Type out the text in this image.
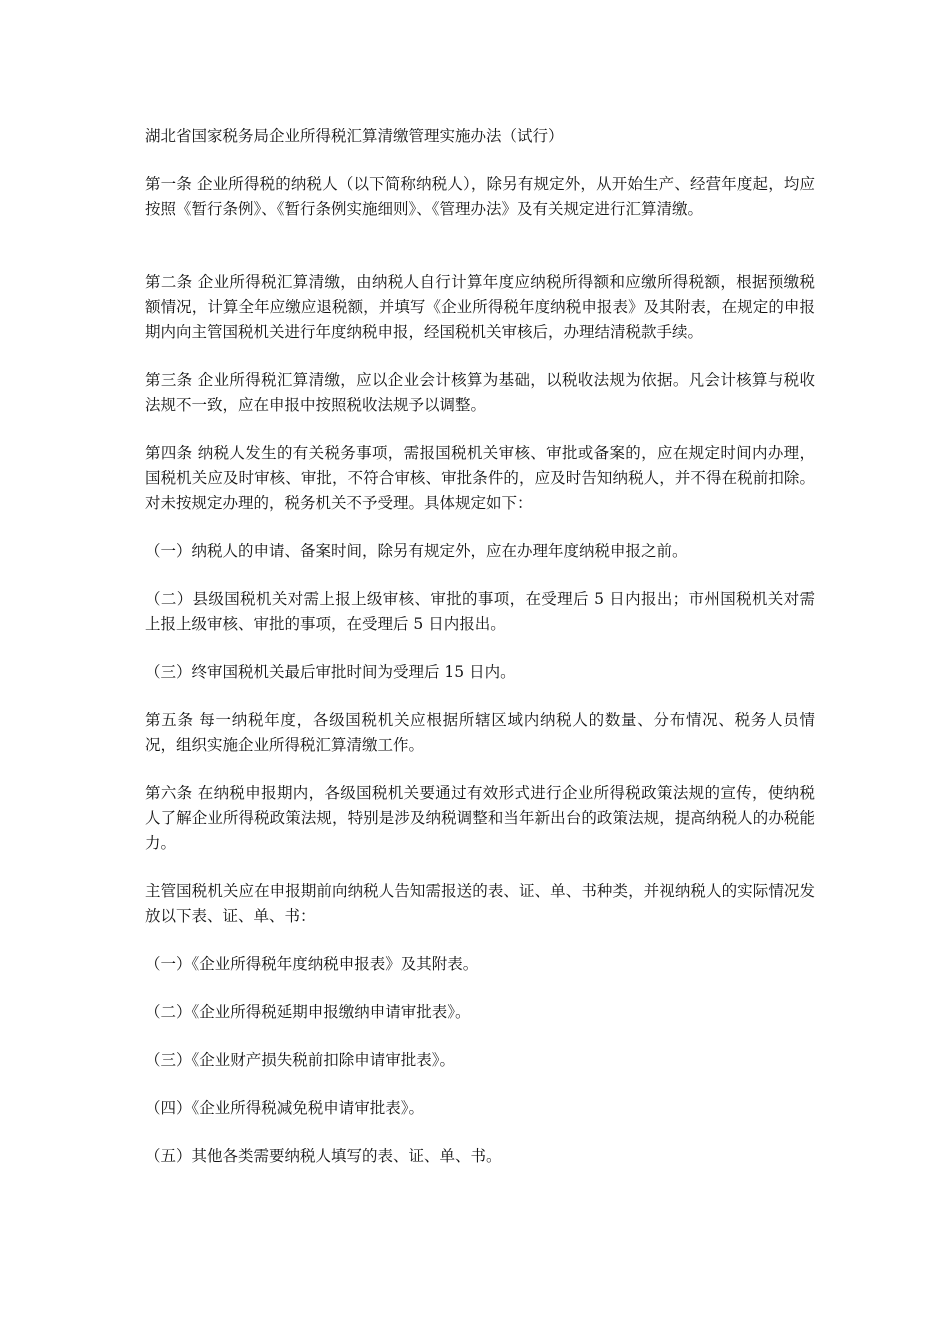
湖北省国家税务局企业所得税汇算清缴管理实施办法（试行）

第一条 企业所得税的纳税人（以下简称纳税人），除另有规定外，从开始生产、经营年度起，均应按照《暂行条例》、《暂行条例实施细则》、《管理办法》及有关规定进行汇算清缴。

第二条 企业所得税汇算清缴，由纳税人自行计算年度应纳税所得额和应缴所得税额，根据预缴税额情况，计算全年应缴应退税额，并填写《企业所得税年度纳税申报表》及其附表，在规定的申报期内向主管国税机关进行年度纳税申报，经国税机关审核后，办理结清税款手续。

第三条 企业所得税汇算清缴，应以企业会计核算为基础，以税收法规为依据。凡会计核算与税收法规不一致，应在申报中按照税收法规予以调整。

第四条 纳税人发生的有关税务事项，需报国税机关审核、审批或备案的，应在规定时间内办理，国税机关应及时审核、审批，不符合审核、审批条件的，应及时告知纳税人，并不得在税前扣除。对未按规定办理的，税务机关不予受理。具体规定如下：

（一）纳税人的申请、备案时间，除另有规定外，应在办理年度纳税申报之前。

（二）县级国税机关对需上报上级审核、审批的事项，在受理后 5 日内报出；市州国税机关对需上报上级审核、审批的事项，在受理后 5 日内报出。

（三）终审国税机关最后审批时间为受理后 15 日内。

第五条 每一纳税年度，各级国税机关应根据所辖区域内纳税人的数量、分布情况、税务人员情况，组织实施企业所得税汇算清缴工作。

第六条 在纳税申报期内，各级国税机关要通过有效形式进行企业所得税政策法规的宣传，使纳税人了解企业所得税政策法规，特别是涉及纳税调整和当年新出台的政策法规，提高纳税人的办税能力。

主管国税机关应在申报期前向纳税人告知需报送的表、证、单、书种类，并视纳税人的实际情况发放以下表、证、单、书：

（一）《企业所得税年度纳税申报表》及其附表。

（二）《企业所得税延期申报缴纳申请审批表》。

（三）《企业财产损失税前扣除申请审批表》。

（四）《企业所得税减免税申请审批表》。

（五）其他各类需要纳税人填写的表、证、单、书。
